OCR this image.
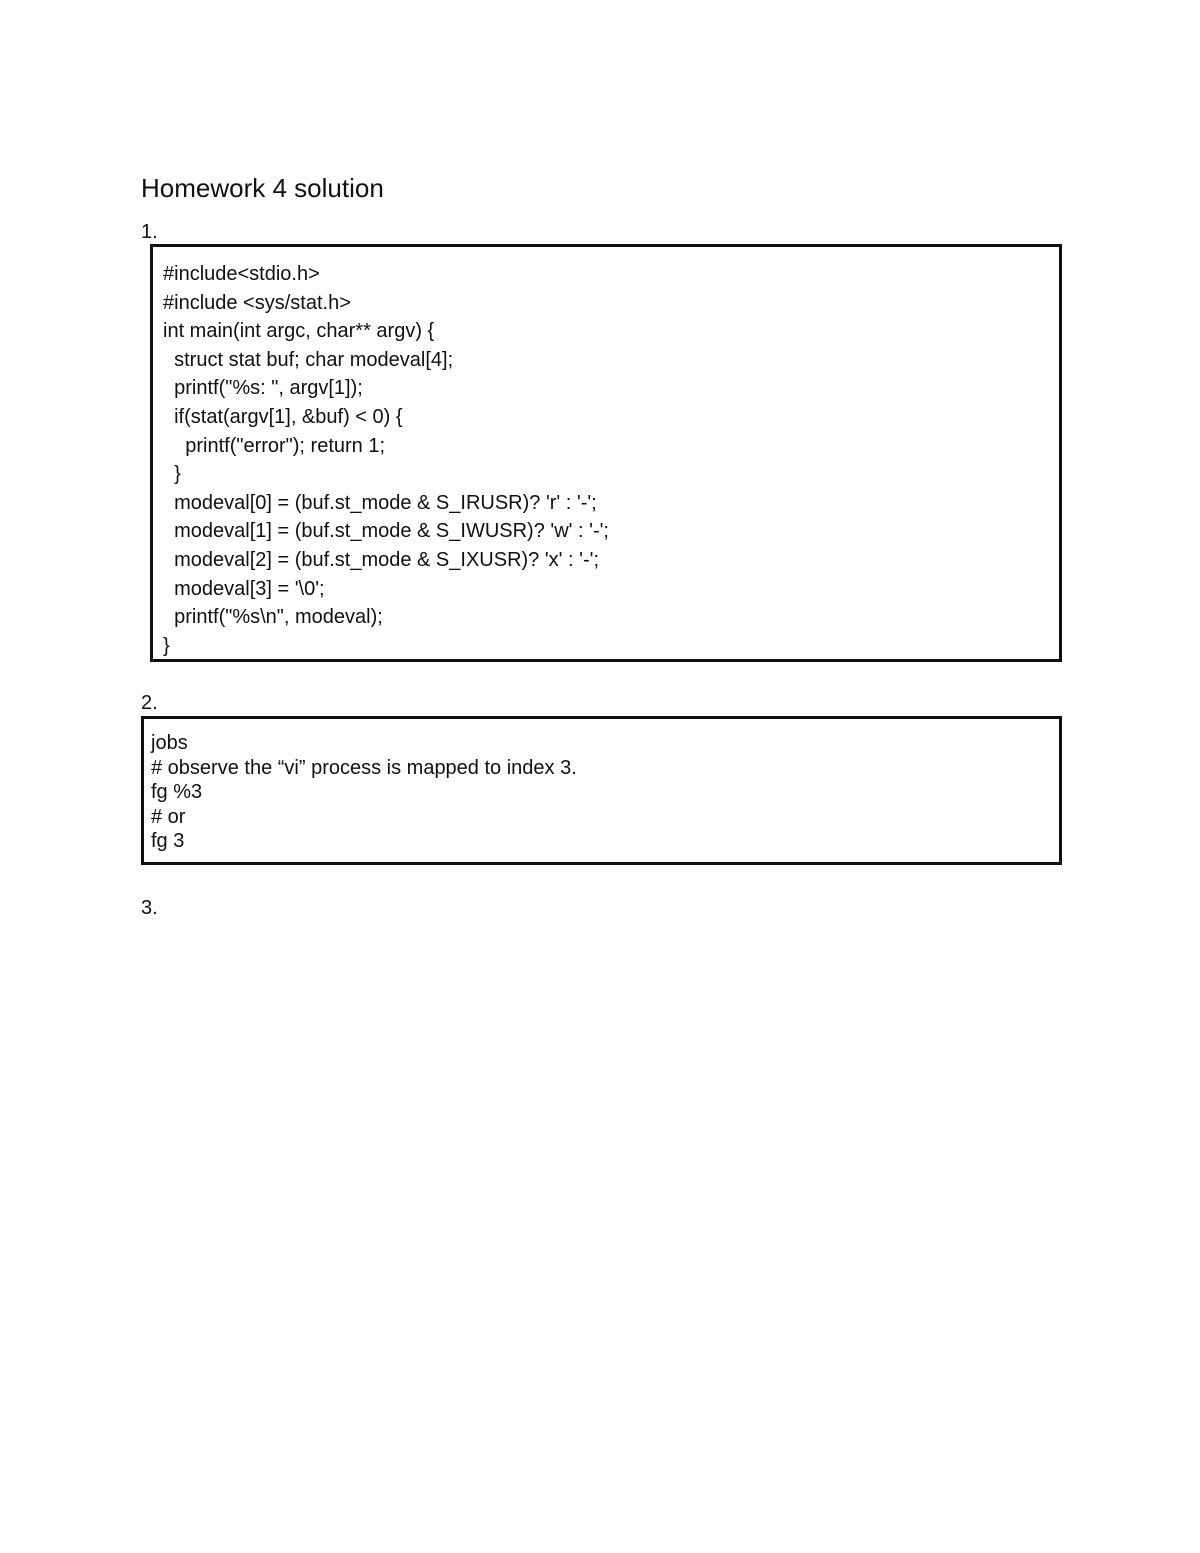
Homework 4 solution
1.
#include<stdio.h>
#include <sys/stat.h>
int main(int argc, char** argv) {
struct stat buf; char modeval[4];
printf("%s: ", argv[1]);
if(stat(argv[1], &buf) < 0) {
printf("error"); return 1;
}
modeval[0] = (buf.st_mode & S_IRUSR)? 'r' : '-';
modeval[1] = (buf.st_mode & S_IWUSR)? 'w' : '-';
modeval[2] = (buf.st_mode & S_IXUSR)? 'x' : '-';
modeval[3] = '\0';
printf("%s\n", modeval);
}
2.
jobs
# observe the “vi” process is mapped to index 3.
fg %3
# or
fg 3
3.
